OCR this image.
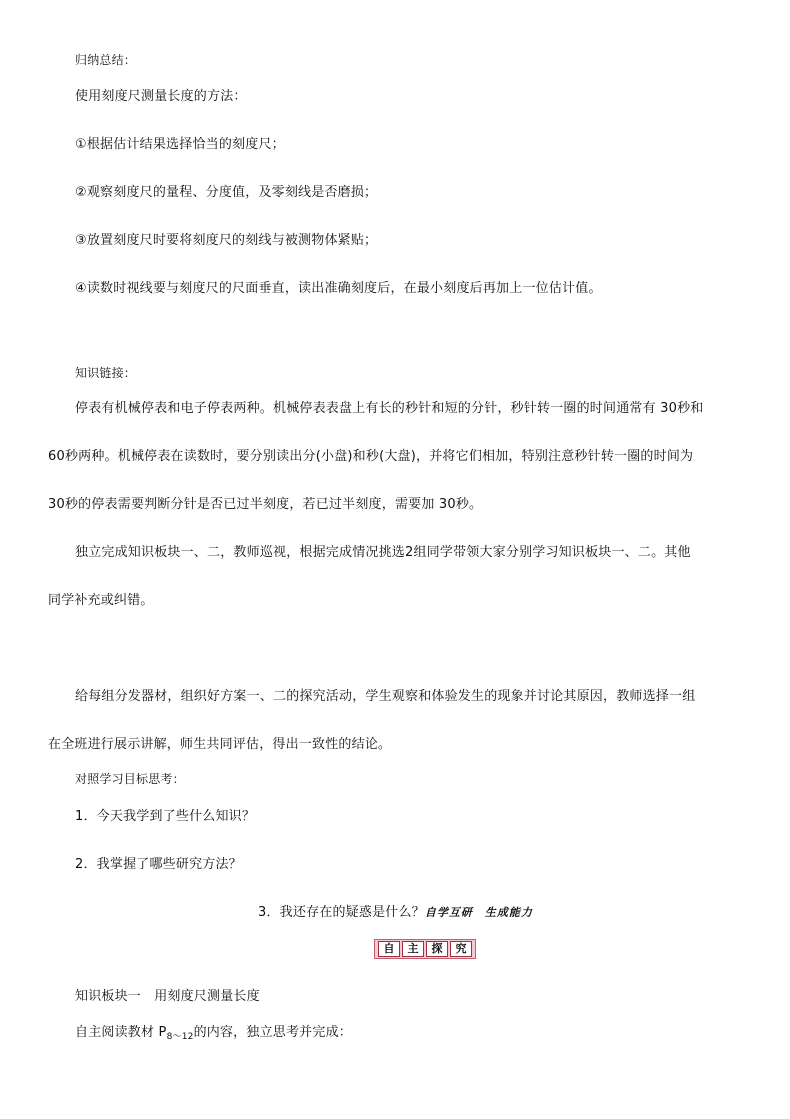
归纳总结：
使用刻度尺测量长度的方法：
①根据估计结果选择恰当的刻度尺；
②观察刻度尺的量程、分度值，及零刻线是否磨损；
③放置刻度尺时要将刻度尺的刻线与被测物体紧贴；
④读数时视线要与刻度尺的尺面垂直，读出准确刻度后，在最小刻度后再加上一位估计值。
知识链接：
停表有机械停表和电子停表两种。机械停表表盘上有长的秒针和短的分针，秒针转一圈的时间通常有 30秒和
60秒两种。机械停表在读数时，要分别读出分(小盘)和秒(大盘)，并将它们相加，特别注意秒针转一圈的时间为
30秒的停表需要判断分针是否已过半刻度，若已过半刻度，需要加 30秒。
独立完成知识板块一、二，教师巡视，根据完成情况挑选2组同学带领大家分别学习知识板块一、二。其他
同学补充或纠错。
给每组分发器材，组织好方案一、二的探究活动，学生观察和体验发生的现象并讨论其原因，教师选择一组
在全班进行展示讲解，师生共同评估，得出一致性的结论。
对照学习目标思考：
1．今天我学到了些什么知识？
2．我掌握了哪些研究方法？
3．我还存在的疑惑是什么？自学互研　生成能力
自	主	探	究
知识板块一　用刻度尺测量长度
自主阅读教材 $P_{8\sim 12}$的内容，独立思考并完成：
